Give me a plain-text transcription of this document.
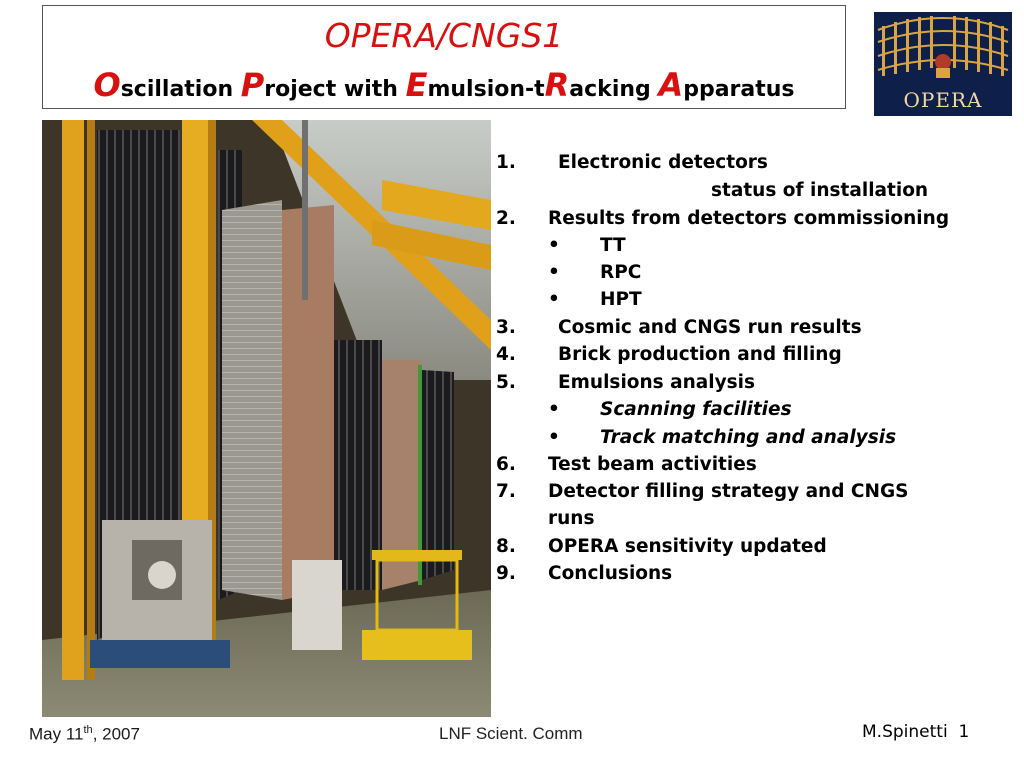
OPERA/CNGS1
Oscillation Project with Emulsion-tRacking Apparatus	OPERA
1. Electronic detectors
status of installation
2. Results from detectors commissioning
• TT
• RPC
• HPT
3. Cosmic and CNGS run results
4. Brick production and filling
5. Emulsions analysis
• Scanning facilities
• Track matching and analysis
6. Test beam activities
7. Detector filling strategy and CNGS
runs
8. OPERA sensitivity updated
9. Conclusions
May 11th, 2007	LNF Scient. Comm	M.Spinetti 1
